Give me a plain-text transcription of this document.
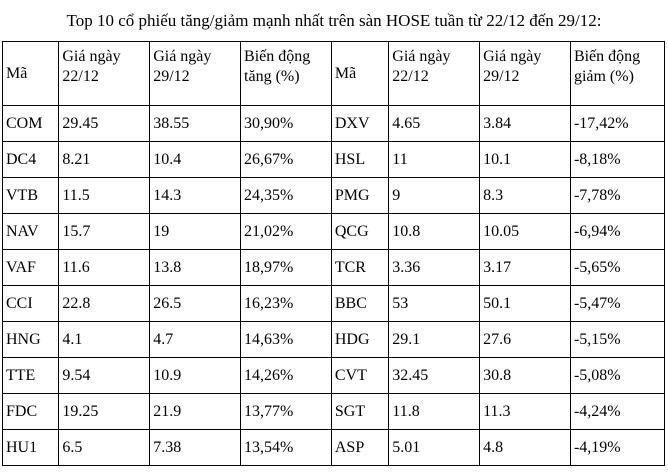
Top 10 cổ phiếu tăng/giảm mạnh nhất trên sàn HOSE tuần từ 22/12 đến 29/12:
Mã	Giá ngày 22/12	Giá ngày 29/12	Biến động tăng (%)	Mã	Giá ngày 22/12	Giá ngày 29/12	Biến động giảm (%)
COM	29.45	38.55	30,90%	DXV	4.65	3.84	-17,42%
DC4	8.21	10.4	26,67%	HSL	11	10.1	-8,18%
VTB	11.5	14.3	24,35%	PMG	9	8.3	-7,78%
NAV	15.7	19	21,02%	QCG	10.8	10.05	-6,94%
VAF	11.6	13.8	18,97%	TCR	3.36	3.17	-5,65%
CCI	22.8	26.5	16,23%	BBC	53	50.1	-5,47%
HNG	4.1	4.7	14,63%	HDG	29.1	27.6	-5,15%
TTE	9.54	10.9	14,26%	CVT	32.45	30.8	-5,08%
FDC	19.25	21.9	13,77%	SGT	11.8	11.3	-4,24%
HU1	6.5	7.38	13,54%	ASP	5.01	4.8	-4,19%
